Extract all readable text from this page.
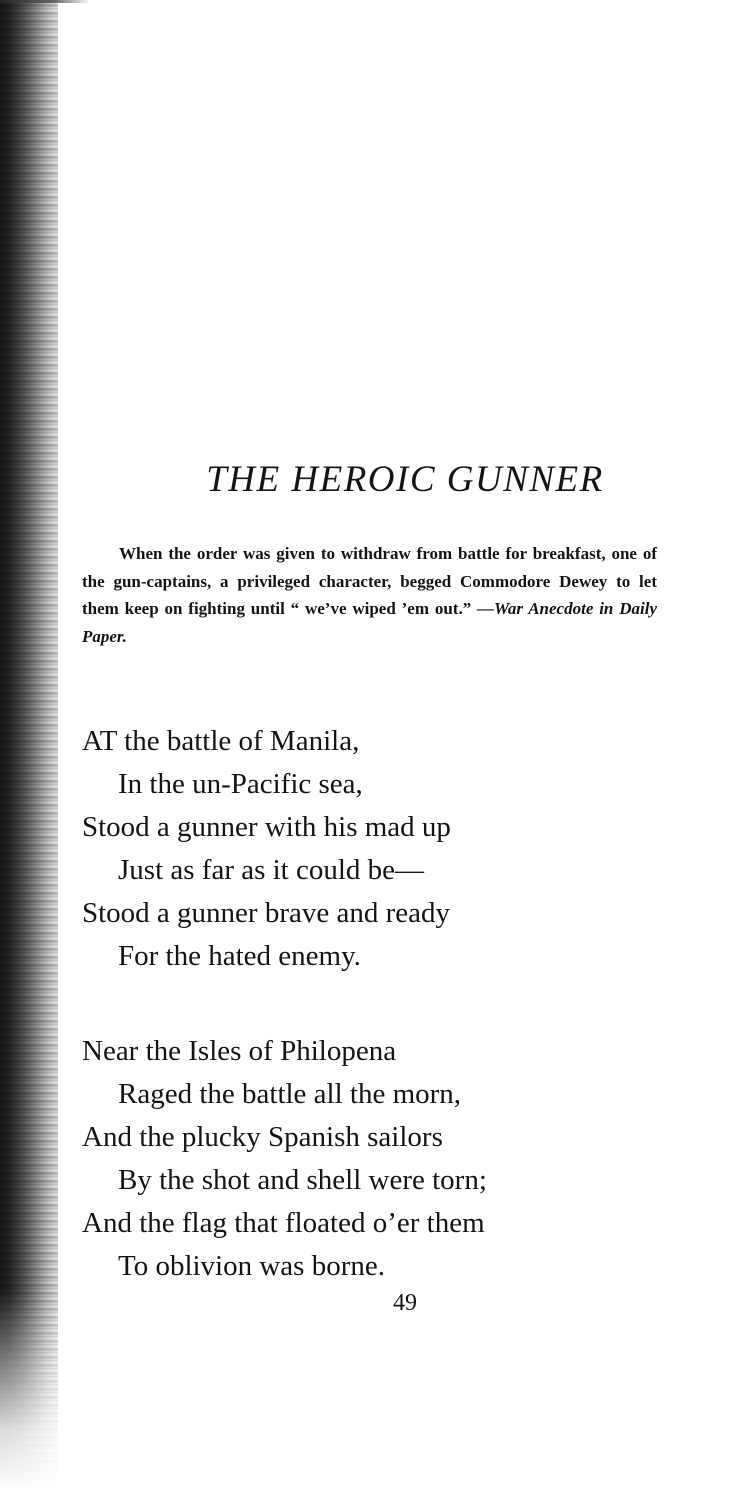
THE HEROIC GUNNER

When the order was given to withdraw from battle for breakfast, one of the gun-captains, a privileged character, begged Commodore Dewey to let them keep on fighting until “ we’ve wiped ’em out.” —War Anecdote in Daily Paper.

AT the battle of Manila,
In the un-Pacific sea,
Stood a gunner with his mad up
Just as far as it could be—
Stood a gunner brave and ready
For the hated enemy.
Near the Isles of Philopena
Raged the battle all the morn,
And the plucky Spanish sailors
By the shot and shell were torn;
And the flag that floated o’er them
To oblivion was borne.

49
